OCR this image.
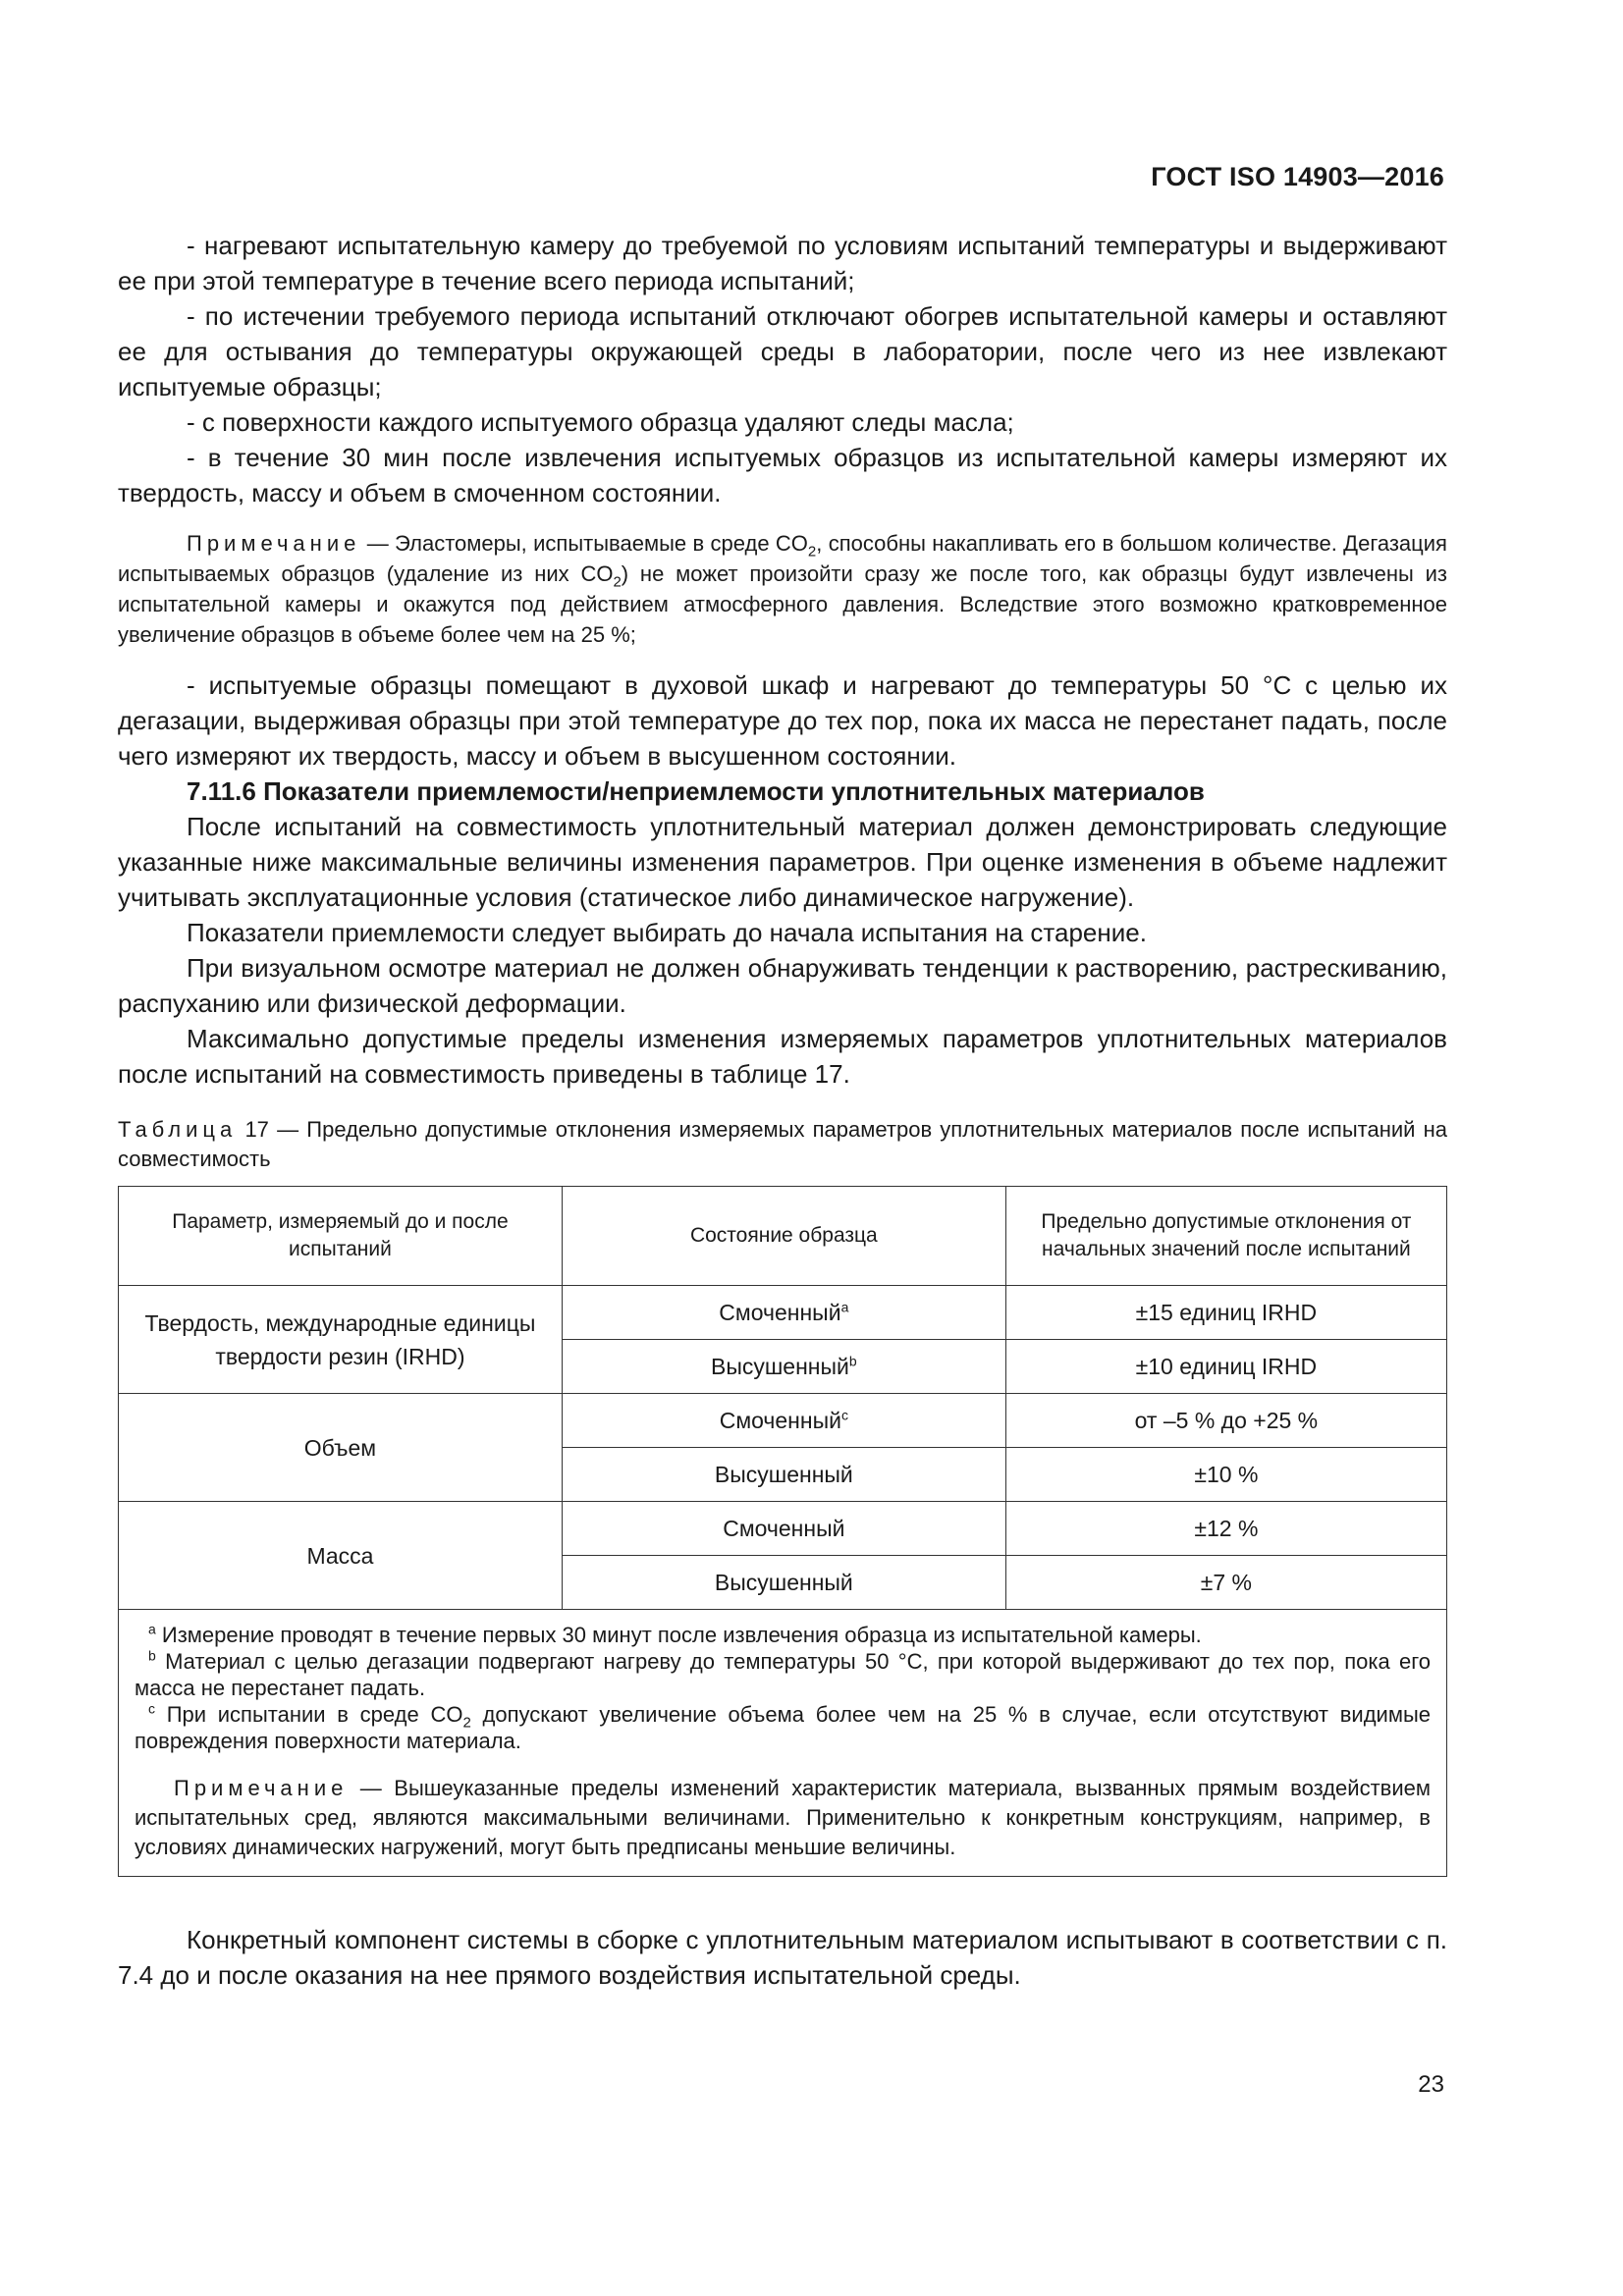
ГОСТ ISO 14903—2016

- нагревают испытательную камеру до требуемой по условиям испытаний температуры и выдерживают ее при этой температуре в течение всего периода испытаний;

- по истечении требуемого периода испытаний отключают обогрев испытательной камеры и оставляют ее для остывания до температуры окружающей среды в лаборатории, после чего из нее извлекают испытуемые образцы;

- с поверхности каждого испытуемого образца удаляют следы масла;

- в течение 30 мин после извлечения испытуемых образцов из испытательной камеры измеряют их твердость, массу и объем в смоченном состоянии.

Примечание — Эластомеры, испытываемые в среде $CO_2$, способны накапливать его в большом количестве. Дегазация испытываемых образцов (удаление из них $CO_2$) не может произойти сразу же после того, как образцы будут извлечены из испытательной камеры и окажутся под действием атмосферного давления. Вследствие этого возможно кратковременное увеличение образцов в объеме более чем на 25 %;

- испытуемые образцы помещают в духовой шкаф и нагревают до температуры 50 °С с целью их дегазации, выдерживая образцы при этой температуре до тех пор, пока их масса не перестанет падать, после чего измеряют их твердость, массу и объем в высушенном состоянии.

7.11.6 Показатели приемлемости/неприемлемости уплотнительных материалов

После испытаний на совместимость уплотнительный материал должен демонстрировать следующие указанные ниже максимальные величины изменения параметров. При оценке изменения в объеме надлежит учитывать эксплуатационные условия (статическое либо динамическое нагружение).

Показатели приемлемости следует выбирать до начала испытания на старение.

При визуальном осмотре материал не должен обнаруживать тенденции к растворению, растрескиванию, распуханию или физической деформации.

Максимально допустимые пределы изменения измеряемых параметров уплотнительных материалов после испытаний на совместимость приведены в таблице 17.

Таблица 17 — Предельно допустимые отклонения измеряемых параметров уплотнительных материалов после испытаний на совместимость

Параметр, измеряемый до и после испытаний	Состояние образца	Предельно допустимые отклонения от начальных значений после испытаний
Твердость, международные единицы твердости резин (IRHD)	Смоченный$^a$	±15 единиц IRHD
	Высушенный$^b$	±10 единиц IRHD
Объем	Смоченный$^c$	от –5 % до +25 %
	Высушенный	±10 %
Масса	Смоченный	±12 %
	Высушенный	±7 %

$^a$ Измерение проводят в течение первых 30 минут после извлечения образца из испытательной камеры.

$^b$ Материал с целью дегазации подвергают нагреву до температуры 50 °С, при которой выдерживают до тех пор, пока его масса не перестанет падать.

$^c$ При испытании в среде $CO_2$ допускают увеличение объема более чем на 25 % в случае, если отсутствуют видимые повреждения поверхности материала.

Примечание — Вышеуказанные пределы изменений характеристик материала, вызванных прямым воздействием испытательных сред, являются максимальными величинами. Применительно к конкретным конструкциям, например, в условиях динамических нагружений, могут быть предписаны меньшие величины.		

Конкретный компонент системы в сборке с уплотнительным материалом испытывают в соответствии с п. 7.4 до и после оказания на нее прямого воздействия испытательной среды.

23
